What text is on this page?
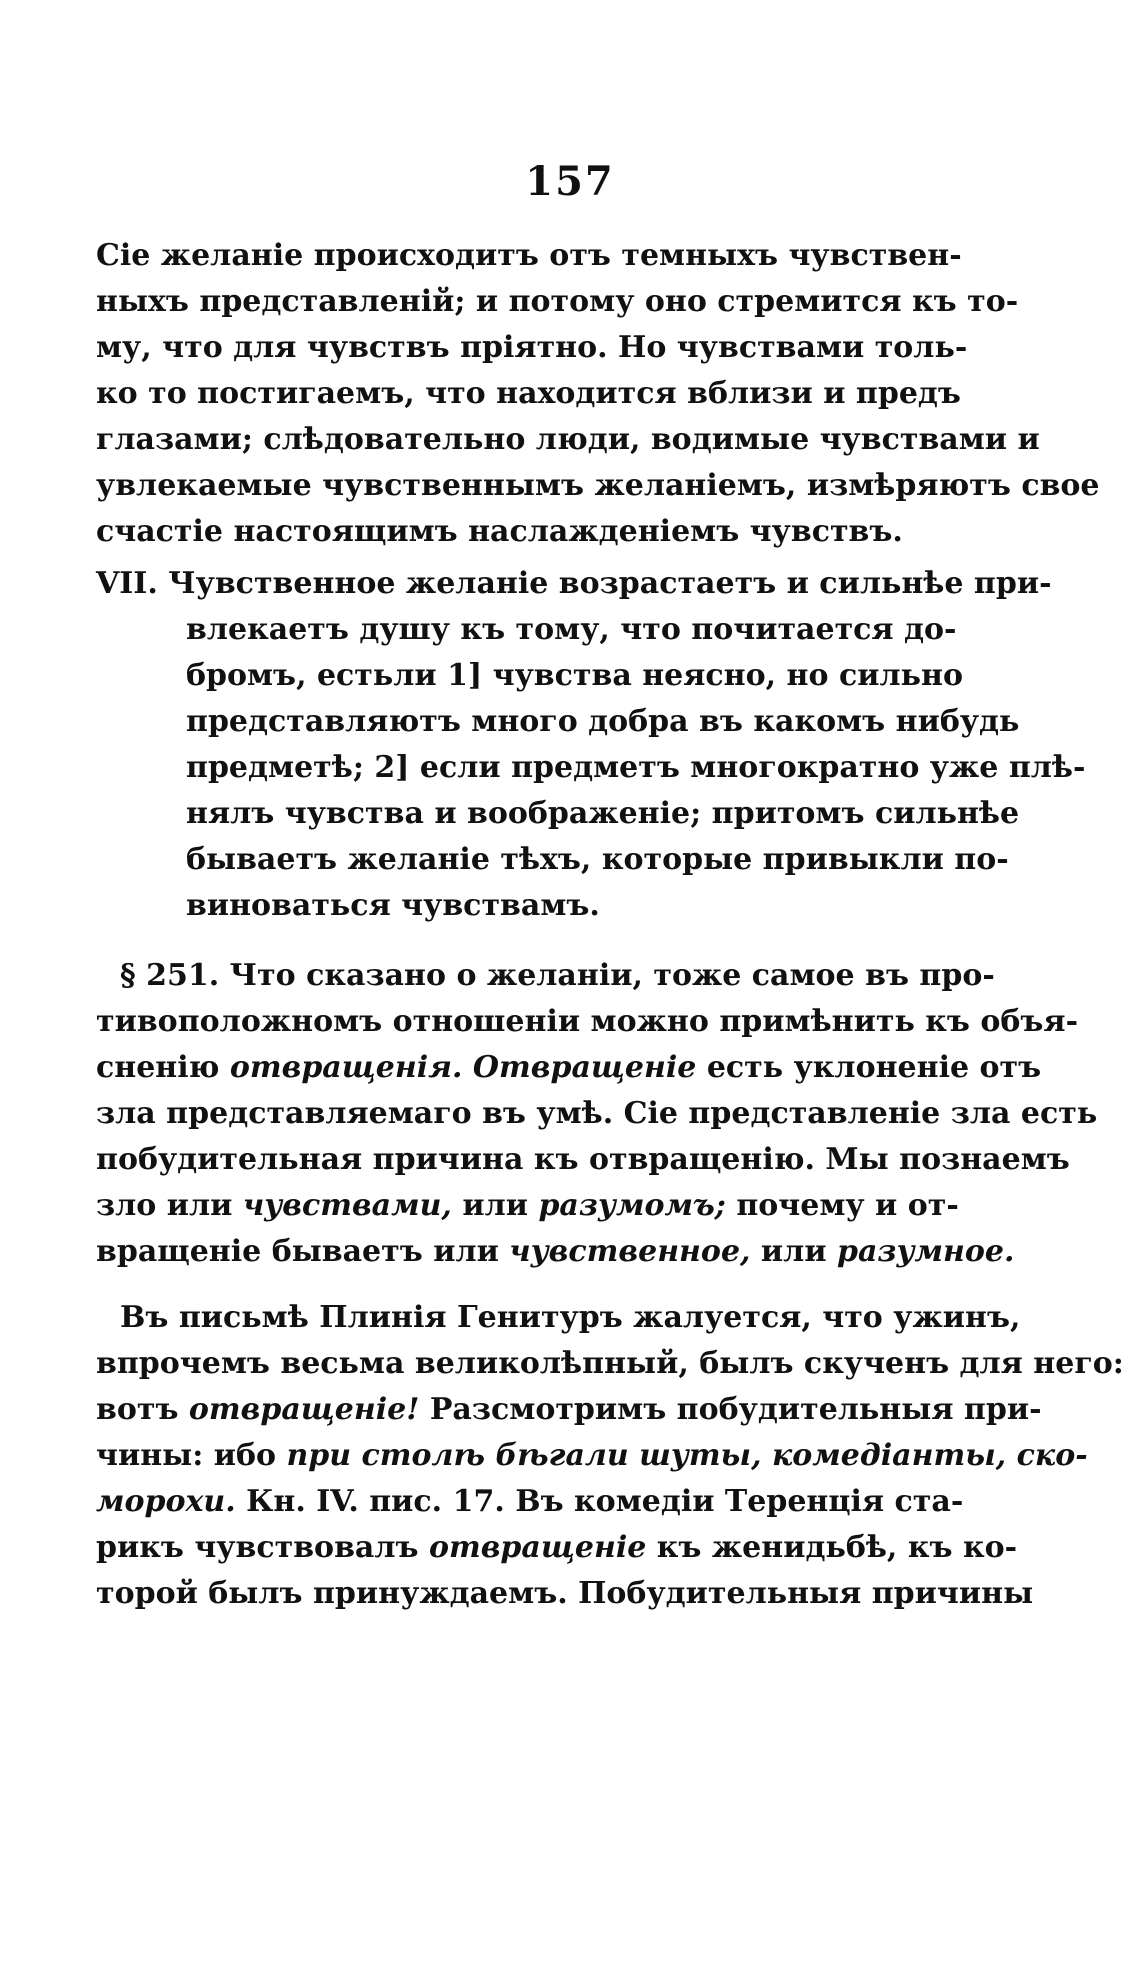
157
Сіе желаніе происходитъ отъ темныхъ чувствен-
ныхъ представленій; и потому оно стремится къ то-
му, что для чувствъ пріятно. Но чувствами толь-
ко то постигаемъ, что находится вблизи и предъ
глазами; слѣдовательно люди, водимые чувствами и
увлекаемые чувственнымъ желаніемъ, измѣряютъ свое
счастіе настоящимъ наслажденіемъ чувствъ.
VII. Чувственное желаніе возрастаетъ и сильнѣе при-
влекаетъ душу къ тому, что почитается до-
бромъ, естьли 1] чувства неясно, но сильно
представляютъ много добра въ какомъ нибудь
предметѣ; 2] если предметъ многократно уже плѣ-
нялъ чувства и воображеніе; притомъ сильнѣе
бываетъ желаніе тѣхъ, которые привыкли по-
виноваться чувствамъ.
§ 251. Что сказано о желаніи, тоже самое въ про-
тивоположномъ отношеніи можно примѣнить къ объя-
сненію отвращенія. Отвращеніе есть уклоненіе отъ
зла представляемаго въ умѣ. Сіе представленіе зла есть
побудительная причина къ отвращенію. Мы познаемъ
зло или чувствами, или разумомъ; почему и от-
вращеніе бываетъ или чувственное, или разумное.
Въ письмѣ Плинія Генитуръ жалуется, что ужинъ,
впрочемъ весьма великолѣпный, былъ скученъ для него:
вотъ отвращеніе! Разсмотримъ побудительныя при-
чины: ибо при столѣ бѣгали шуты, комедіанты, ско-
морохи. Кн. IV. пис. 17. Въ комедіи Теренція ста-
рикъ чувствовалъ отвращеніе къ женидьбѣ, къ ко-
торой былъ принуждаемъ. Побудительныя причины
